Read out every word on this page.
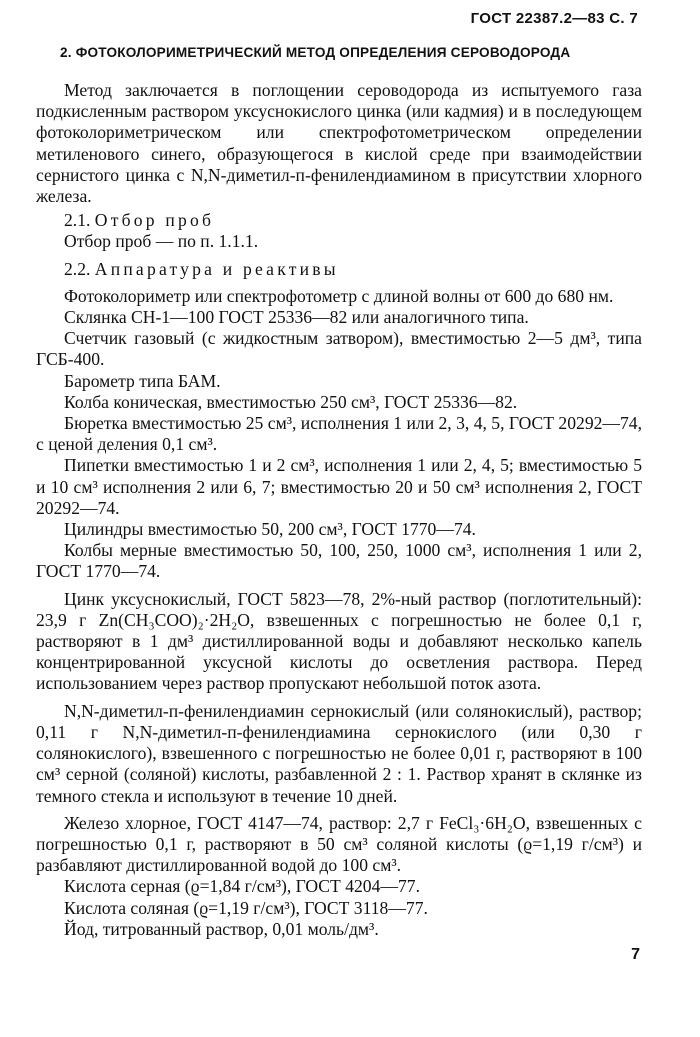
ГОСТ 22387.2—83 С. 7
2. ФОТОКОЛОРИМЕТРИЧЕСКИЙ МЕТОД ОПРЕДЕЛЕНИЯ СЕРОВОДОРОДА

Метод заключается в поглощении сероводорода из испытуемого газа подкисленным раствором уксуснокислого цинка (или кадмия) и в последующем фотоколориметрическом или спектрофотометрическом определении метиленового синего, образующегося в кислой среде при взаимодействии сернистого цинка с N,N-диметил-п-фенилендиамином в присутствии хлорного железа.

2.1. Отбор проб

Отбор проб — по п. 1.1.1.

2.2. Аппаратура и реактивы

Фотоколориметр или спектрофотометр с длиной волны от 600 до 680 нм.

Склянка СН-1—100 ГОСТ 25336—82 или аналогичного типа.

Счетчик газовый (с жидкостным затвором), вместимостью 2—5 дм³, типа ГСБ-400.

Барометр типа БАМ.

Колба коническая, вместимостью 250 см³, ГОСТ 25336—82.

Бюретка вместимостью 25 см³, исполнения 1 или 2, 3, 4, 5, ГОСТ 20292—74, с ценой деления 0,1 см³.

Пипетки вместимостью 1 и 2 см³, исполнения 1 или 2, 4, 5; вместимостью 5 и 10 см³ исполнения 2 или 6, 7; вместимостью 20 и 50 см³ исполнения 2, ГОСТ 20292—74.

Цилиндры вместимостью 50, 200 см³, ГОСТ 1770—74.

Колбы мерные вместимостью 50, 100, 250, 1000 см³, исполнения 1 или 2, ГОСТ 1770—74.

Цинк уксуснокислый, ГОСТ 5823—78, 2%-ный раствор (поглотительный): 23,9 г Zn(CH₃COO)₂·2H₂O, взвешенных с погрешностью не более 0,1 г, растворяют в 1 дм³ дистиллированной воды и добавляют несколько капель концентрированной уксусной кислоты до осветления раствора. Перед использованием через раствор пропускают небольшой поток азота.

N,N-диметил-п-фенилендиамин сернокислый (или солянокислый), раствор; 0,11 г N,N-диметил-п-фенилендиамина сернокислого (или 0,30 г солянокислого), взвешенного с погрешностью не более 0,01 г, растворяют в 100 см³ серной (соляной) кислоты, разбавленной 2 : 1. Раствор хранят в склянке из темного стекла и используют в течение 10 дней.

Железо хлорное, ГОСТ 4147—74, раствор: 2,7 г FeCl₃·6H₂O, взвешенных с погрешностью 0,1 г, растворяют в 50 см³ соляной кислоты (ϱ=1,19 г/см³) и разбавляют дистиллированной водой до 100 см³.

Кислота серная (ϱ=1,84 г/см³), ГОСТ 4204—77.

Кислота соляная (ϱ=1,19 г/см³), ГОСТ 3118—77.

Йод, титрованный раствор, 0,01 моль/дм³.

7
